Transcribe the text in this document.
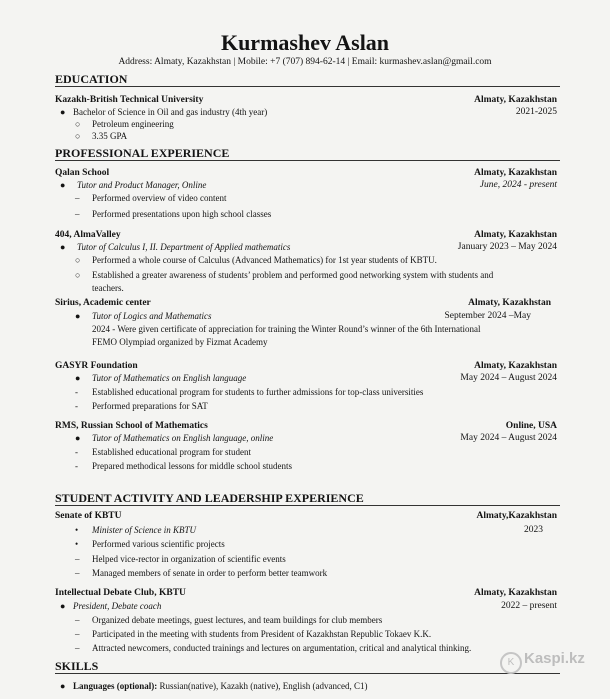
Kurmashev Aslan
Address: Almaty, Kazakhstan | Mobile: +7 (707) 894-62-14 | Email: kurmashev.aslan@gmail.com
EDUCATION
Kazakh-British Technical University	Almaty, Kazakhstan
● Bachelor of Science in Oil and gas industry (4th year)	2021-2025
○ Petroleum engineering
○ 3.35 GPA
PROFESSIONAL EXPERIENCE
Qalan School	Almaty, Kazakhstan
● Tutor and Product Manager, Online	June, 2024 - present
– Performed overview of video content
– Performed presentations upon high school classes
404, AlmaValley	Almaty, Kazakhstan
● Tutor of Calculus I, II. Department of Applied mathematics	January 2023 – May 2024
○ Performed a whole course of Calculus (Advanced Mathematics) for 1st year students of KBTU.
○ Established a greater awareness of students’ problem and performed good networking system with students and
teachers.
Sirius, Academic center	Almaty, Kazakhstan
● Tutor of Logics and Mathematics	September 2024 –May
2024 - Were given certificate of appreciation for training the Winter Round’s winner of the 6th International
FEMO Olympiad organized by Fizmat Academy
GASYR Foundation	Almaty, Kazakhstan
● Tutor of Mathematics on English language	May 2024 – August 2024
- Established educational program for students to further admissions for top-class universities
- Performed preparations for SAT
RMS, Russian School of Mathematics	Online, USA
● Tutor of Mathematics on English language, online	May 2024 – August 2024
- Established educational program for student
- Prepared methodical lessons for middle school students
STUDENT ACTIVITY AND LEADERSHIP EXPERIENCE
Senate of KBTU	Almaty,Kazakhstan
• Minister of Science in KBTU	2023
• Performed various scientific projects
– Helped vice-rector in organization of scientific events
– Managed members of senate in order to perform better teamwork
Intellectual Debate Club, KBTU	Almaty, Kazakhstan
● President, Debate coach	2022 – present
– Organized debate meetings, guest lectures, and team buildings for club members
– Participated in the meeting with students from President of Kazakhstan Republic Tokaev K.K.
– Attracted newcomers, conducted trainings and lectures on argumentation, critical and analytical thinking.
SKILLS
● Languages (optional): Russian(native), Kazakh (native), English (advanced, C1)
K Kaspi.kz
